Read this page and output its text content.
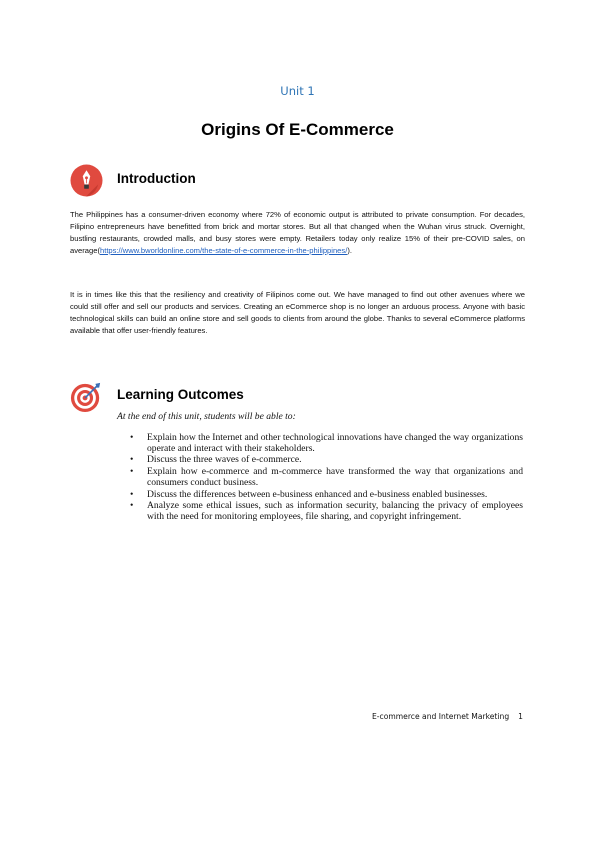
Unit 1
Origins Of E-Commerce
Introduction

The Philippines has a consumer-driven economy where 72% of economic output is attributed to private consumption. For decades, Filipino entrepreneurs have benefitted from brick and mortar stores. But all that changed when the Wuhan virus struck. Overnight, bustling restaurants, crowded malls, and busy stores were empty. Retailers today only realize 15% of their pre-COVID sales, on average(https://www.bworldonline.com/the-state-of-e-commerce-in-the-philippines/).

It is in times like this that the resiliency and creativity of Filipinos come out. We have managed to find out other avenues where we could still offer and sell our products and services. Creating an eCommerce shop is no longer an arduous process. Anyone with basic technological skills can build an online store and sell goods to clients from around the globe. Thanks to several eCommerce platforms available that offer user-friendly features.

Learning Outcomes
At the end of this unit, students will be able to:
• Explain how the Internet and other technological innovations have changed the way organizations operate and interact with their stakeholders.
• Discuss the three waves of e-commerce.
• Explain how e-commerce and m-commerce have transformed the way that organizations and consumers conduct business.
• Discuss the differences between e-business enhanced and e-business enabled businesses.
• Analyze some ethical issues, such as information security, balancing the privacy of employees with the need for monitoring employees, file sharing, and copyright infringement.
E-commerce and Internet Marketing 1
